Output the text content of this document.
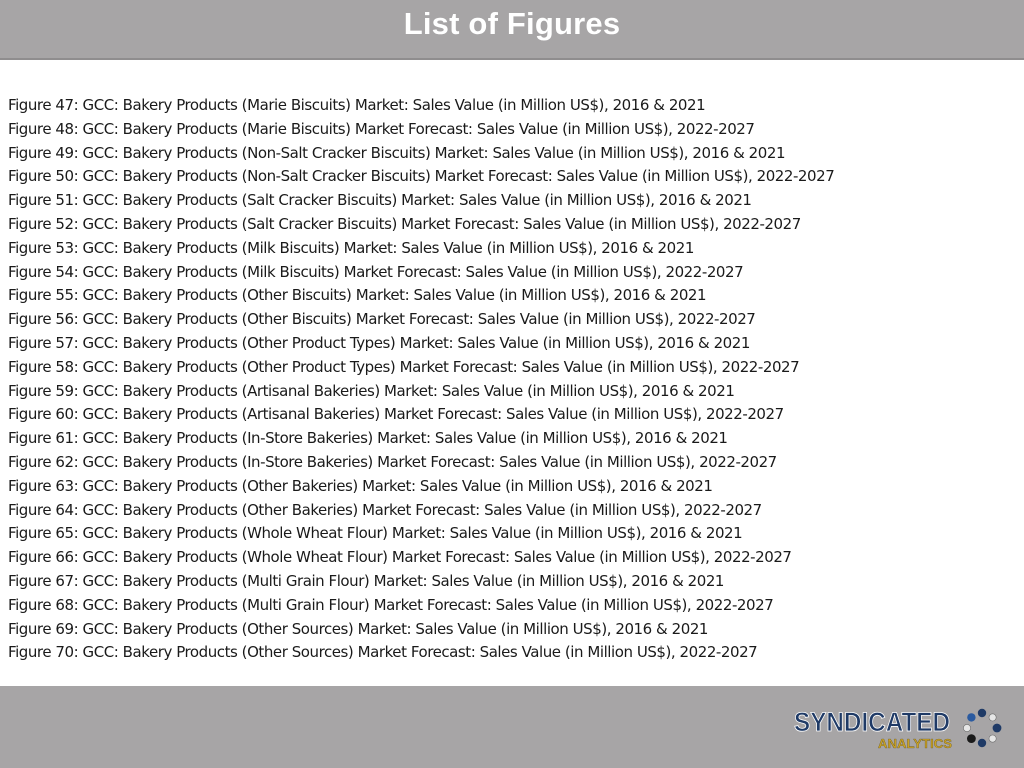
List of Figures
Figure 47: GCC: Bakery Products (Marie Biscuits) Market: Sales Value (in Million US$), 2016 & 2021
Figure 48: GCC: Bakery Products (Marie Biscuits) Market Forecast: Sales Value (in Million US$), 2022-2027
Figure 49: GCC: Bakery Products (Non-Salt Cracker Biscuits) Market: Sales Value (in Million US$), 2016 & 2021
Figure 50: GCC: Bakery Products (Non-Salt Cracker Biscuits) Market Forecast: Sales Value (in Million US$), 2022-2027
Figure 51: GCC: Bakery Products (Salt Cracker Biscuits) Market: Sales Value (in Million US$), 2016 & 2021
Figure 52: GCC: Bakery Products (Salt Cracker Biscuits) Market Forecast: Sales Value (in Million US$), 2022-2027
Figure 53: GCC: Bakery Products (Milk Biscuits) Market: Sales Value (in Million US$), 2016 & 2021
Figure 54: GCC: Bakery Products (Milk Biscuits) Market Forecast: Sales Value (in Million US$), 2022-2027
Figure 55: GCC: Bakery Products (Other Biscuits) Market: Sales Value (in Million US$), 2016 & 2021
Figure 56: GCC: Bakery Products (Other Biscuits) Market Forecast: Sales Value (in Million US$), 2022-2027
Figure 57: GCC: Bakery Products (Other Product Types) Market: Sales Value (in Million US$), 2016 & 2021
Figure 58: GCC: Bakery Products (Other Product Types) Market Forecast: Sales Value (in Million US$), 2022-2027
Figure 59: GCC: Bakery Products (Artisanal Bakeries) Market: Sales Value (in Million US$), 2016 & 2021
Figure 60: GCC: Bakery Products (Artisanal Bakeries) Market Forecast: Sales Value (in Million US$), 2022-2027
Figure 61: GCC: Bakery Products (In-Store Bakeries) Market: Sales Value (in Million US$), 2016 & 2021
Figure 62: GCC: Bakery Products (In-Store Bakeries) Market Forecast: Sales Value (in Million US$), 2022-2027
Figure 63: GCC: Bakery Products (Other Bakeries) Market: Sales Value (in Million US$), 2016 & 2021
Figure 64: GCC: Bakery Products (Other Bakeries) Market Forecast: Sales Value (in Million US$), 2022-2027
Figure 65: GCC: Bakery Products (Whole Wheat Flour) Market: Sales Value (in Million US$), 2016 & 2021
Figure 66: GCC: Bakery Products (Whole Wheat Flour) Market Forecast: Sales Value (in Million US$), 2022-2027
Figure 67: GCC: Bakery Products (Multi Grain Flour) Market: Sales Value (in Million US$), 2016 & 2021
Figure 68: GCC: Bakery Products (Multi Grain Flour) Market Forecast: Sales Value (in Million US$), 2022-2027
Figure 69: GCC: Bakery Products (Other Sources) Market: Sales Value (in Million US$), 2016 & 2021
Figure 70: GCC: Bakery Products (Other Sources) Market Forecast: Sales Value (in Million US$), 2022-2027
SYNDICATED
ANALYTICS
